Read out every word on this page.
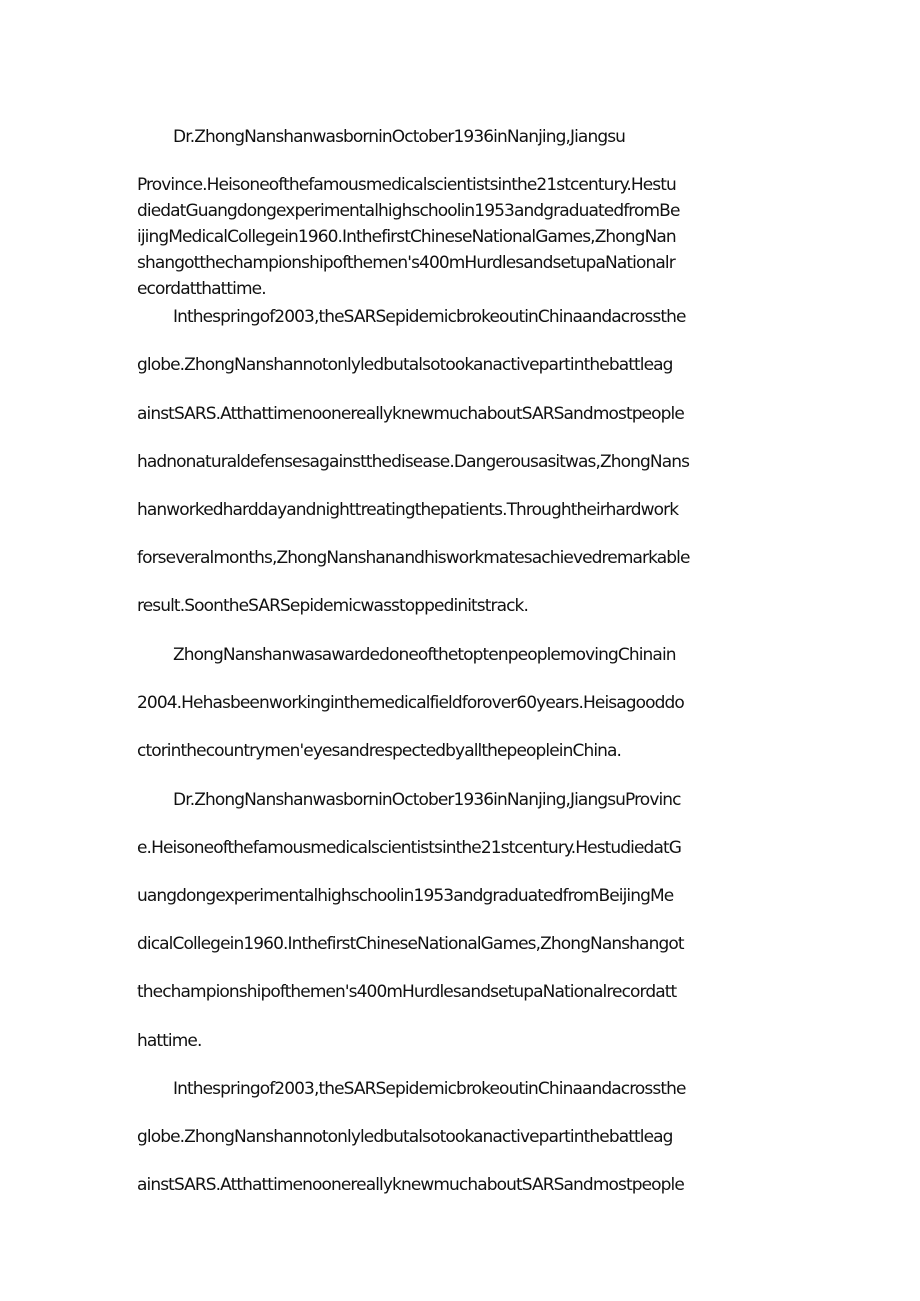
Dr.ZhongNanshanwasborninOctober1936inNanjing,Jiangsu
Province.Heisoneofthefamousmedicalscientistsinthe21stcentury.Hestu
diedatGuangdongexperimentalhighschoolin1953andgraduatedfromBe
ijingMedicalCollegein1960.InthefirstChineseNationalGames,ZhongNan
shangotthechampionshipofthemen's400mHurdlesandsetupaNationalr
ecordatthattime.
Inthespringof2003,theSARSepidemicbrokeoutinChinaandacrossthe
globe.ZhongNanshannotonlyledbutalsotookanactivepartinthebattleag
ainstSARS.AtthattimenoonereallyknewmuchaboutSARSandmostpeople
hadnonaturaldefensesagainstthedisease.Dangerousasitwas,ZhongNans
hanworkedharddayandnighttreatingthepatients.Throughtheirhardwork
forseveralmonths,ZhongNanshanandhisworkmatesachievedremarkable
result.SoontheSARSepidemicwasstoppedinitstrack.
ZhongNanshanwasawardedoneofthetoptenpeoplemovingChinain
2004.Hehasbeenworkinginthemedicalfieldforover60years.Heisagooddo
ctorinthecountrymen'eyesandrespectedbyallthepeopleinChina.
Dr.ZhongNanshanwasborninOctober1936inNanjing,JiangsuProvinc
e.Heisoneofthefamousmedicalscientistsinthe21stcentury.HestudiedatG
uangdongexperimentalhighschoolin1953andgraduatedfromBeijingMe
dicalCollegein1960.InthefirstChineseNationalGames,ZhongNanshangot
thechampionshipofthemen's400mHurdlesandsetupaNationalrecordatt
hattime.
Inthespringof2003,theSARSepidemicbrokeoutinChinaandacrossthe
globe.ZhongNanshannotonlyledbutalsotookanactivepartinthebattleag
ainstSARS.AtthattimenoonereallyknewmuchaboutSARSandmostpeople
